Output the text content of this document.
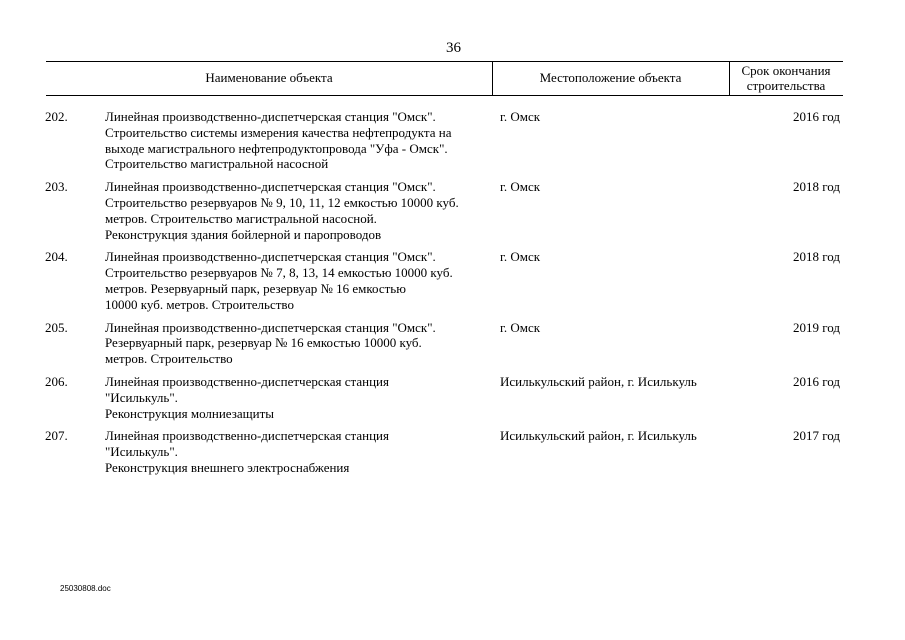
36
Наименование объекта	Местоположение объекта	Срок окончания
строительства
202.	Линейная производственно-диспетчерская станция "Омск".
Строительство системы измерения качества нефтепродукта на
выходе магистрального нефтепродуктопровода "Уфа - Омск".
Строительство магистральной насосной
г. Омск	2016 год
203.	Линейная производственно-диспетчерская станция "Омск".
Строительство резервуаров № 9, 10, 11, 12 емкостью 10000 куб.
метров. Строительство магистральной насосной.
Реконструкция здания бойлерной и паропроводов
г. Омск	2018 год
204.	Линейная производственно-диспетчерская станция "Омск".
Строительство резервуаров № 7, 8, 13, 14 емкостью 10000 куб.
метров. Резервуарный парк, резервуар № 16 емкостью
10000 куб. метров. Строительство
г. Омск	2018 год
205.	Линейная производственно-диспетчерская станция "Омск".
Резервуарный парк, резервуар № 16 емкостью 10000 куб.
метров. Строительство
г. Омск	2019 год
206.	Линейная производственно-диспетчерская станция
"Исилькуль".
Реконструкция молниезащиты
Исилькульский район, г. Исилькуль	2016 год
207.	Линейная производственно-диспетчерская станция
"Исилькуль".
Реконструкция внешнего электроснабжения
Исилькульский район, г. Исилькуль	2017 год
25030808.doc
